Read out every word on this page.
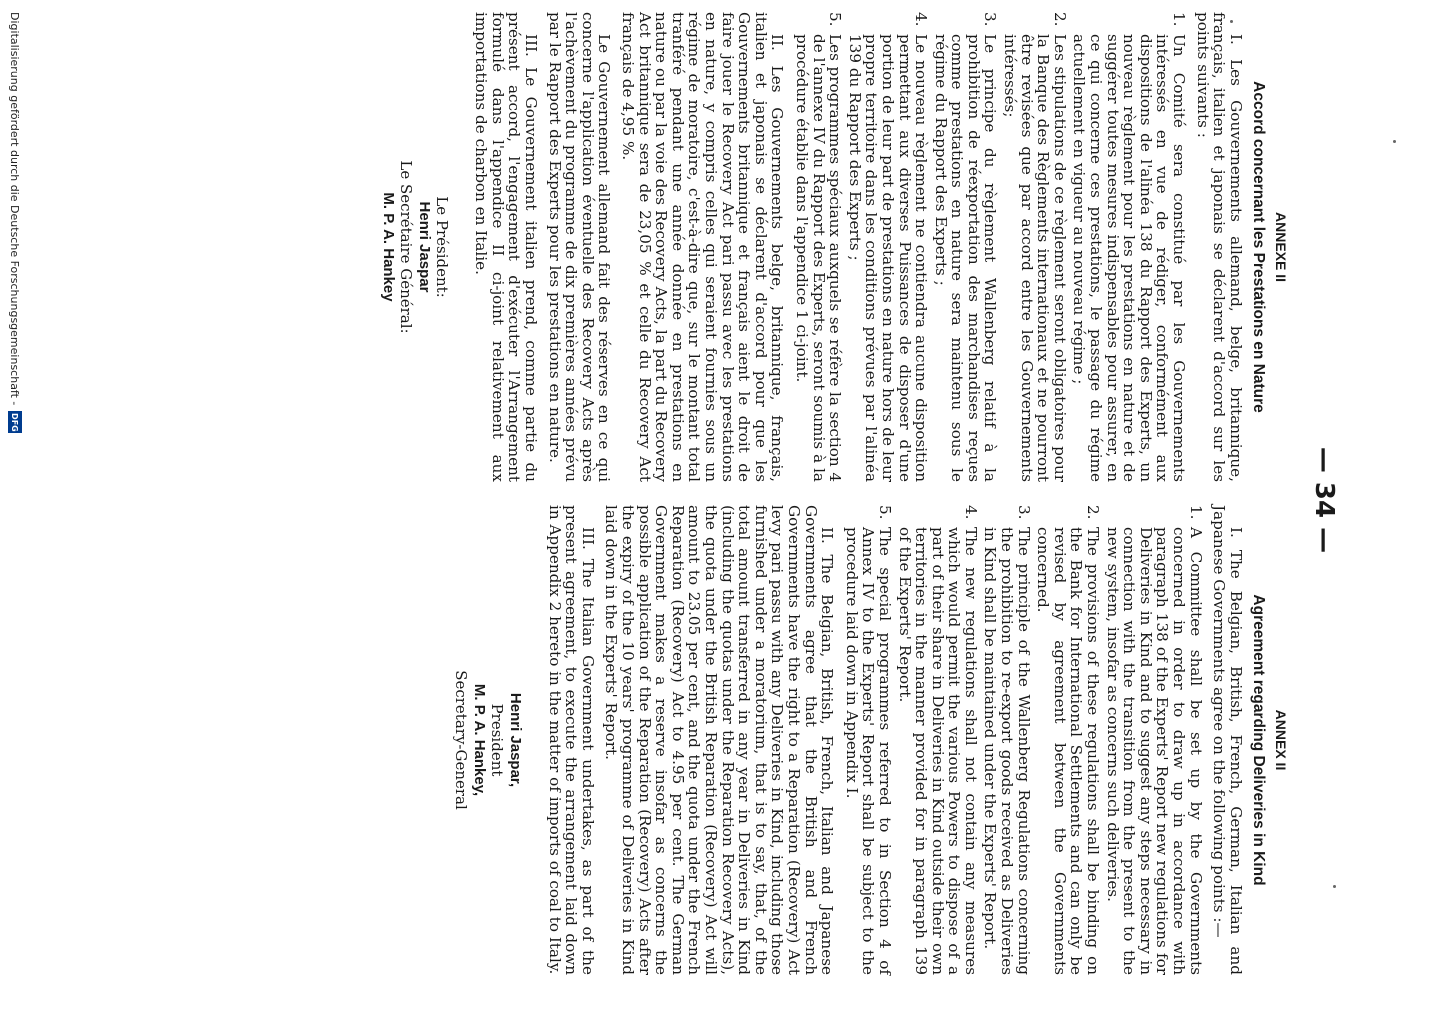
— 34 —
ANNEXE II
Accord concernant les Prestations en Nature

I. Les Gouvernements allemand, belge, britannique, français, italien et japonais se déclarent d'accord sur les points suivants :

1.
Un Comité sera constitué par les Gouvernements intéressés en vue de rédiger, conformément aux dispositions de l'alinéa 138 du Rapport des Experts, un nouveau règlement pour les prestations en nature et de suggérer toutes mesures indispensables pour assurer, en ce qui concerne ces prestations, le passage du régime actuellement en vigueur au nouveau régime ;
2.
Les stipulations de ce règlement seront obligatoires pour la Banque des Règlements internationaux et ne pourront être revisées que par accord entre les Gouvernements intéressés;
3.
Le principe du règlement Wallenberg relatif à la prohibition de réexportation des marchandises reçues comme prestations en nature sera maintenu sous le régime du Rapport des Experts ;
4.
Le nouveau règlement ne contiendra aucune disposition permettant aux diverses Puissances de disposer d'une portion de leur part de prestations en nature hors de leur propre territoire dans les conditions prévues par l'alinéa 139 du Rapport des Experts ;
5.
Les programmes spéciaux auxquels se réfère la section 4 de l'annexe IV du Rapport des Experts, seront soumis à la procédure établie dans l'appendice 1 ci-joint.

II. Les Gouvernements belge, britannique, français, italien et japonais se déclarent d'accord pour que les Gouvernements britannique et français aient le droit de faire jouer le Recovery Act pari passu avec les prestations en nature, y compris celles qui seraient fournies sous un régime de moratoire, c'est-à-dire que, sur le montant total tranféré pendant une année donnée en prestations en nature ou par la voie des Recovery Acts, la part du Recovery Act britannique sera de 23,05 % et celle du Recovery Act français de 4,95 %.

Le Gouvernement allemand fait des réserves en ce qui concerne l'application éventuelle des Recovery Acts après l'achèvement du programme de dix premières années prévu par le Rapport des Experts pour les prestations en nature.

III. Le Gouvernement italien prend, comme partie du présent accord, l'engagement d'exécuter l'Arrangement formulé dans l'appendice II ci-joint relativement aux importations de charbon en Italie.

Le Président:
Henri Jaspar
Le Secrétaire Général:
M. P. A. Hankey
ANNEX II
Agreement regarding Deliveries in Kind

I. The Belgian, British, French, German, Italian and Japanese Governments agree on the following points :—

1.
A Committee shall be set up by the Governments concerned in order to draw up in accordance with paragraph 138 of the Experts' Report new regulations for Deliveries in Kind and to suggest any steps necessary in connection with the transition from the present to the new system, insofar as concerns such deliveries.
2.
The provisions of these regulations shall be binding on the Bank for International Settlements and can only be revised by agreement between the Governments concerned.
3.
The principle of the Wallenberg Regulations concerning the prohibition to re-export goods received as Deliveries in Kind shall be maintained under the Experts' Report.
4.
The new regulations shall not contain any measures which would permit the various Powers to dispose of a part of their share in Deliveries in Kind outside their own territories in the manner provided for in paragraph 139 of the Experts' Report.
5.
The special programmes referred to in Section 4 of Annex IV to the Experts' Report shall be subject to the procedure laid down in Appendix I.

II. The Belgian, British, French, Italian and Japanese Governments agree that the British and French Governments have the right to a Reparation (Recovery) Act levy pari passu with any Deliveries in Kind, including those furnished under a moratorium, that is to say, that, of the total amount transferred in any year in Deliveries in Kind (including the quotas under the Reparation Recovery Acts), the quota under the British Reparation (Recovery) Act will amount to 23.05 per cent, and the quota under the French Reparation (Recovery) Act to 4.95 per cent. The German Government makes a reserve insofar as concerns the possible application of the Reparation (Recovery) Acts after the expiry of the 10 years' programme of Deliveries in Kind laid down in the Experts' Report.

III. The Italian Government undertakes, as part of the present agreement, to execute the arrangement laid down in Appendix 2 hereto in the matter of imports of coal to Italy.

Henri Jaspar,
President
M. P. A. Hankey,
Secretary-General
Digitalisierung gefördert durch die Deutsche Forschungsgemeinschaft -
DFG
